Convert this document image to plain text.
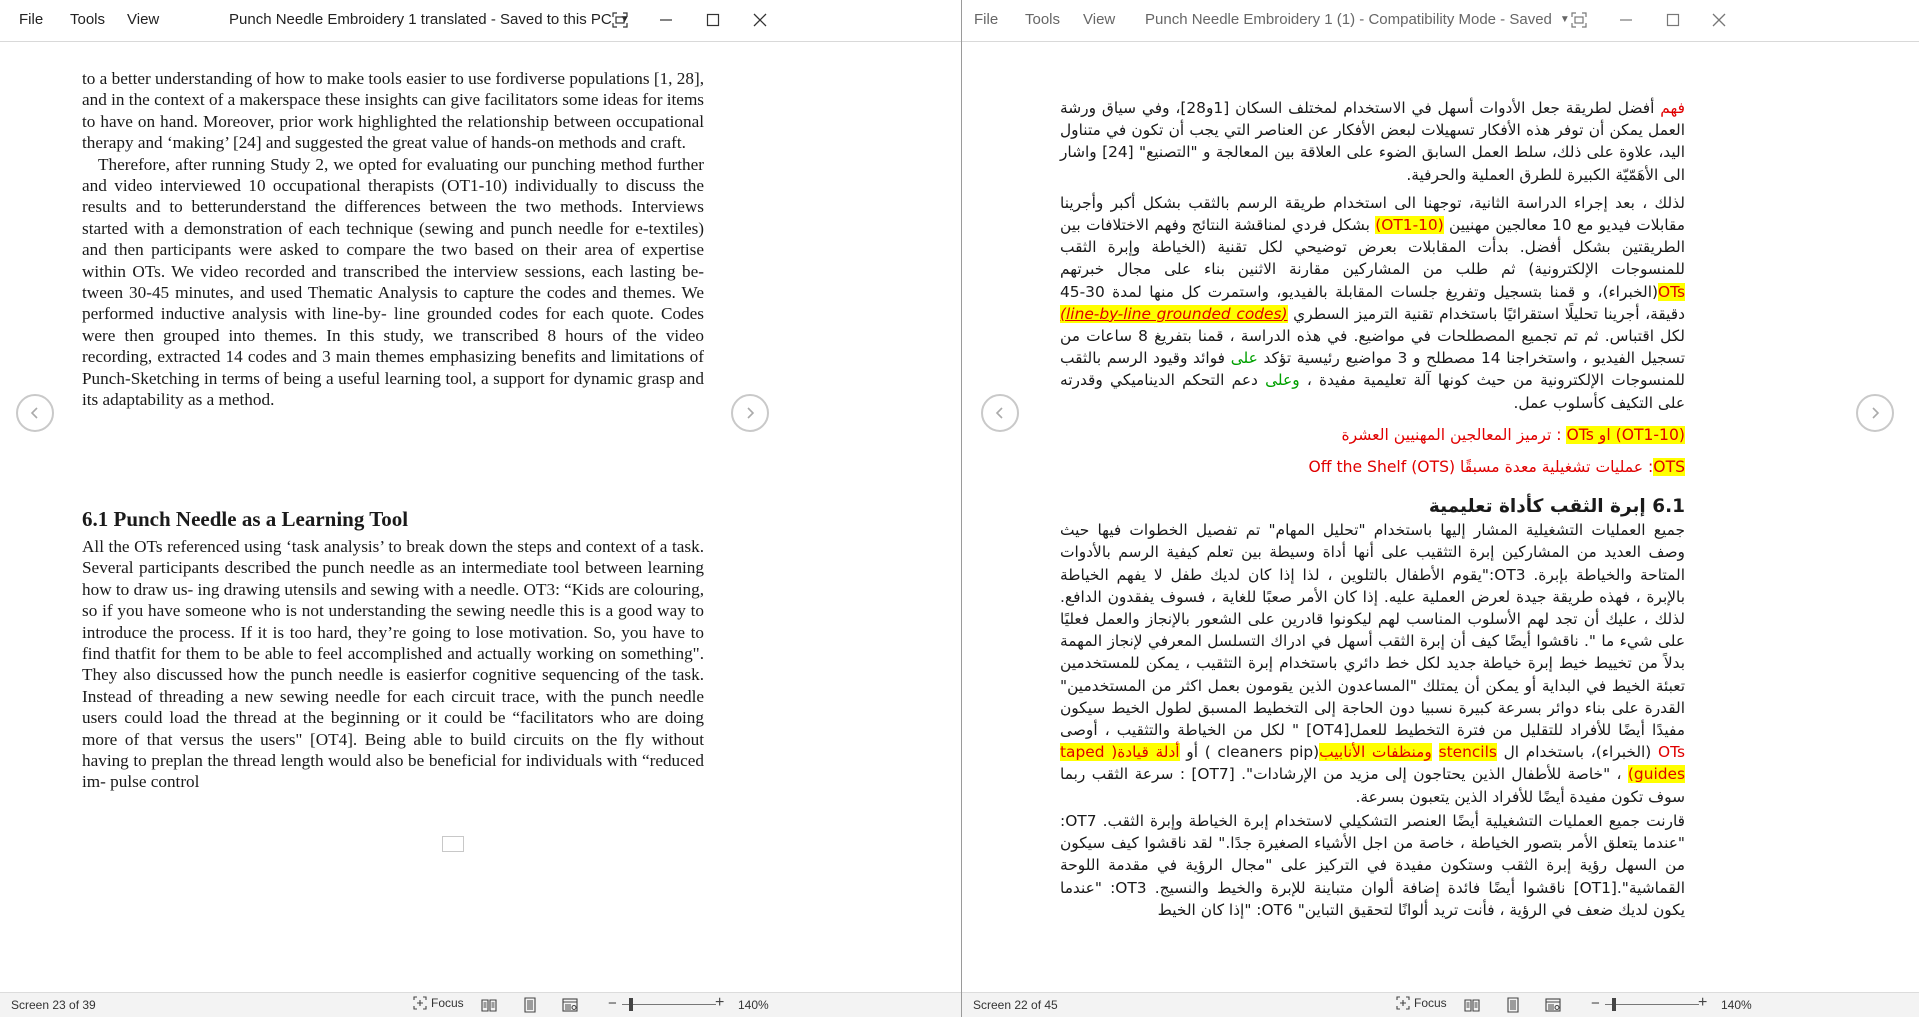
File Tools View	Punch Needle Embroidery 1 translated - Saved to this PC ▼

to a better understanding of how to make tools easier to use fordiverse populations [1, 28], and in the context of a makerspace these insights can give facilitators some ideas for items to have on hand. Moreover, prior work highlighted the relationship between occupational therapy and ‘making’ [24] and suggested the great value of hands-on methods and craft.

Therefore, after running Study 2, we opted for evaluating our punching method further and video interviewed 10 occupational therapists (OT1-10) individually to discuss the results and to betterunderstand the differences between the two methods. Interviews started with a demonstration of each technique (sewing and punch needle for e-textiles) and then participants were asked to compare the two based on their area of expertise within OTs. We video recorded and transcribed the interview sessions, each lasting be- tween 30-45 minutes, and used Thematic Analysis to capture the codes and themes. We performed inductive analysis with line-by- line grounded codes for each quote. Codes were then grouped into themes. In this study, we transcribed 8 hours of the video recording, extracted 14 codes and 3 main themes emphasizing benefits and limitations of Punch-Sketching in terms of being a useful learning tool, a support for dynamic grasp and its adaptability as a method.

6.1 Punch Needle as a Learning Tool

All the OTs referenced using ‘task analysis’ to break down the steps and context of a task. Several participants described the punch needle as an intermediate tool between learning how to draw us- ing drawing utensils and sewing with a needle. OT3: “Kids are colouring, so if you have someone who is not understanding the sewing needle this is a good way to introduce the process. If it is too hard, they’re going to lose motivation. So, you have to find thatfit for them to be able to feel accomplished and actually working on something". They also discussed how the punch needle is easierfor cognitive sequencing of the task. Instead of threading a new sewing needle for each circuit trace, with the punch needle users could load the thread at the beginning or it could be “facilitators who are doing more of that versus the users" [OT4]. Being able to build circuits on the fly without having to preplan the thread length would also be beneficial for individuals with “reduced im- pulse control

Screen 23 of 39	Focus	−	+ 140%
File Tools View Punch Needle Embroidery 1 (1) - Compatibility Mode - Saved ▼

فهم أفضل لطريقة جعل الأدوات أسهل في الاستخدام لمختلف السكان [1و28]، وفي سياق ورشة العمل يمكن أن توفر هذه الأفكار تسهيلات لبعض الأفكار عن العناصر التي يجب أن تكون في متناول اليد، علاوة على ذلك، سلط العمل السابق الضوء على العلاقة بين المعالجة و "التصنيع" [24] واشار الى الأهَمّيّة الكبيرة للطرق العملية والحرفية.

لذلك ، بعد إجراء الدراسة الثانية، توجهنا الى استخدام طريقة الرسم بالثقب بشكل أكبر وأجرينا مقابلات فيديو مع 10 معالجين مهنيين (OT1-10) بشكل فردي لمناقشة النتائج وفهم الاختلافات بين الطريقتين بشكل أفضل. بدأت المقابلات بعرض توضيحي لكل تقنية (الخياطة وإبرة الثقب للمنسوجات الإلكترونية) ثم طلب من المشاركين مقارنة الاثنين بناء على مجال خبرتهم OTs(الخبراء)، و قمنا بتسجيل وتفريغ جلسات المقابلة بالفيديو، واستمرت كل منها لمدة 30-45 دقيقة، أجرينا تحليلًا استقرائيًا باستخدام تقنية الترميز السطري (line-by-line grounded codes) لكل اقتباس. ثم تم تجميع المصطلحات في مواضيع. في هذه الدراسة ، قمنا بتفريغ 8 ساعات من تسجيل الفيديو ، واستخراجنا 14 مصطلح و 3 مواضيع رئيسية تؤكد على فوائد وقيود الرسم بالثقب للمنسوجات الإلكترونية من حيث كونها آلة تعليمية مفيدة ، وعلى دعم التحكم الديناميكي وقدرته على التكيف كأسلوب عمل.

(OT1-10) او OTs : ترميز المعالجين المهنيين العشرة

OTS: عمليات تشغيلية معدة مسبقًا Off the Shelf (OTS)

6.1 إبرة الثقب كأداة تعليمية

جميع العمليات التشغيلية المشار إليها باستخدام "تحليل المهام" تم تفصيل الخطوات فيها حيث وصف العديد من المشاركين إبرة التثقيب على أنها أداة وسيطة بين تعلم كيفية الرسم بالأدوات المتاحة والخياطة بإبرة. OT3:"يقوم الأطفال بالتلوين ، لذا إذا كان لديك طفل لا يفهم الخياطة بالإبرة ، فهذه طريقة جيدة لعرض العملية عليه. إذا كان الأمر صعبًا للغاية ، فسوف يفقدون الدافع. لذلك ، عليك أن تجد لهم الأسلوب المناسب لهم ليكونوا قادرين على الشعور بالإنجاز والعمل فعليًا على شيء ما ". ناقشوا أيضًا كيف أن إبرة الثقب أسهل في ادراك التسلسل المعرفي لإنجاز المهمة بدلاً من تخييط خيط إبرة خياطة جديد لكل خط دائري باستخدام إبرة التثقيب ، يمكن للمستخدمين تعبئة الخيط في البداية أو يمكن أن يمتلك "المساعدون الذين يقومون بعمل اكثر من المستخدمين" القدرة على بناء دوائر بسرعة كبيرة نسبيا دون الحاجة إلى التخطيط المسبق لطول الخيط سيكون مفيدًا أيضًا للأفراد للتقليل من فترة التخطيط للعمل[OT4] " لكل من الخياطة والتثقيب ، أوصى OTs (الخبراء)، باستخدام ال stencils ومنظفات الأنابيب(cleaners pip ) أو أدلة قيادة( taped guides) ، "خاصة للأطفال الذين يحتاجون إلى مزيد من الإرشادات". [OT7] : سرعة الثقب ربما سوف تكون مفيدة أيضًا للأفراد الذين يتعبون بسرعة.

قارنت جميع العمليات التشغيلية أيضًا العنصر التشكيلي لاستخدام إبرة الخياطة وإبرة الثقب. OT7: "عندما يتعلق الأمر بتصور الخياطة ، خاصة من اجل الأشياء الصغيرة جدًا." لقد ناقشوا كيف سيكون من السهل رؤية إبرة الثقب وستكون مفيدة في التركيز على "مجال الرؤية في مقدمة اللوحة القماشية".[OT1] ناقشوا أيضًا فائدة إضافة ألوان متباينة للإبرة والخيط والنسيج. OT3: "عندما يكون لديك ضعف في الرؤية ، فأنت تريد ألوانًا لتحقيق التباين" OT6: "إذا كان الخيط

Screen 22 of 45	Focus	−	+ 140%
